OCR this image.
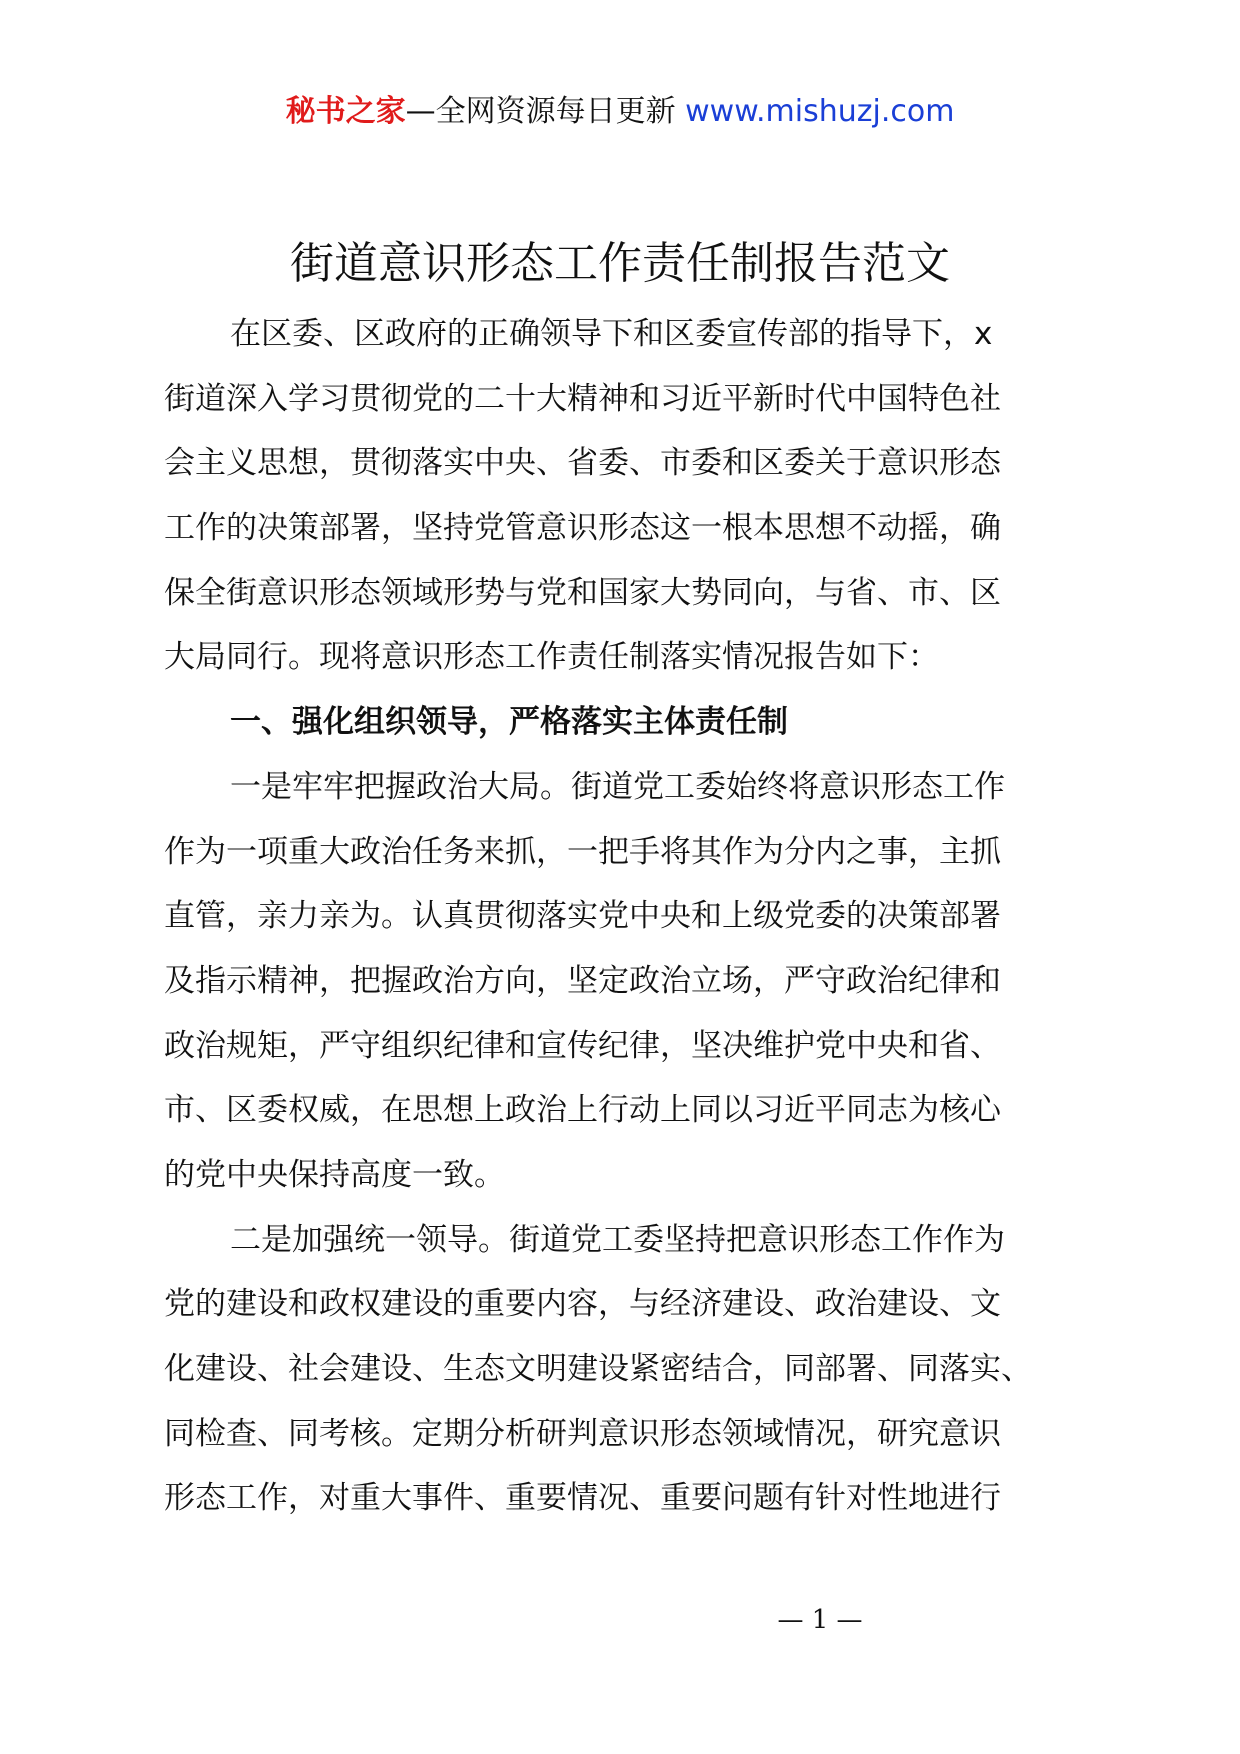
秘书之家—全网资源每日更新 www.mishuzj.com
街道意识形态工作责任制报告范文
在区委、区政府的正确领导下和区委宣传部的指导下，x
街道深入学习贯彻党的二十大精神和习近平新时代中国特色社
会主义思想，贯彻落实中央、省委、市委和区委关于意识形态
工作的决策部署，坚持党管意识形态这一根本思想不动摇，确
保全街意识形态领域形势与党和国家大势同向，与省、市、区
大局同行。现将意识形态工作责任制落实情况报告如下：
一、强化组织领导，严格落实主体责任制
一是牢牢把握政治大局。街道党工委始终将意识形态工作
作为一项重大政治任务来抓，一把手将其作为分内之事，主抓
直管，亲力亲为。认真贯彻落实党中央和上级党委的决策部署
及指示精神，把握政治方向，坚定政治立场，严守政治纪律和
政治规矩，严守组织纪律和宣传纪律，坚决维护党中央和省、
市、区委权威，在思想上政治上行动上同以习近平同志为核心
的党中央保持高度一致。
二是加强统一领导。街道党工委坚持把意识形态工作作为
党的建设和政权建设的重要内容，与经济建设、政治建设、文
化建设、社会建设、生态文明建设紧密结合，同部署、同落实、
同检查、同考核。定期分析研判意识形态领域情况，研究意识
形态工作，对重大事件、重要情况、重要问题有针对性地进行
— 1 —
